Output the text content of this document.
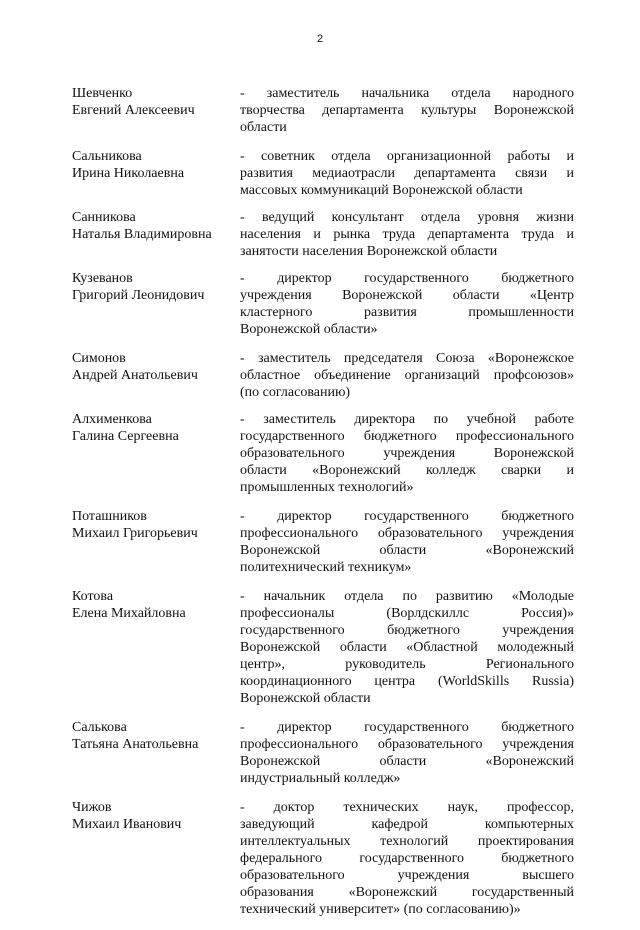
2
Шевченко
Евгений Алексеевич
- заместитель начальника отдела народного
творчества департамента культуры Воронежской
области
Сальникова
Ирина Николаевна
- советник отдела организационной работы и
развития медиаотрасли департамента связи и
массовых коммуникаций Воронежской области
Санникова
Наталья Владимировна
- ведущий консультант отдела уровня жизни
населения и рынка труда департамента труда и
занятости населения Воронежской области
Кузеванов
Григорий Леонидович
- директор государственного бюджетного
учреждения Воронежской области «Центр
кластерного развития промышленности
Воронежской области»
Симонов
Андрей Анатольевич
- заместитель председателя Союза «Воронежское
областное объединение организаций профсоюзов»
(по согласованию)
Алхименкова
Галина Сергеевна
- заместитель директора по учебной работе
государственного бюджетного профессионального
образовательного учреждения Воронежской
области «Воронежский колледж сварки и
промышленных технологий»
Поташников
Михаил Григорьевич
- директор государственного бюджетного
профессионального образовательного учреждения
Воронежской области «Воронежский
политехнический техникум»
Котова
Елена Михайловна
- начальник отдела по развитию «Молодые
профессионалы (Ворлдскиллс Россия)»
государственного бюджетного учреждения
Воронежской области «Областной молодежный
центр», руководитель Регионального
координационного центра (WorldSkills Russia)
Воронежской области
Салькова
Татьяна Анатольевна
- директор государственного бюджетного
профессионального образовательного учреждения
Воронежской области «Воронежский
индустриальный колледж»
Чижов
Михаил Иванович
- доктор технических наук, профессор,
заведующий кафедрой компьютерных
интеллектуальных технологий проектирования
федерального государственного бюджетного
образовательного учреждения высшего
образования «Воронежский государственный
технический университет» (по согласованию)»
